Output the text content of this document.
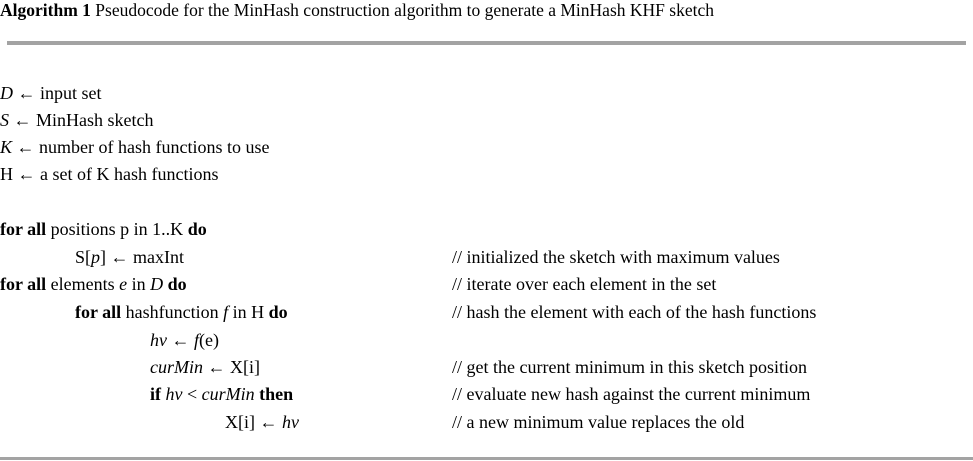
Algorithm 1 Pseudocode for the MinHash construction algorithm to generate a MinHash KHF sketch
D ← input set
S ← MinHash sketch
K ← number of hash functions to use
H ← a set of K hash functions
for all positions p in 1..K do
S[p] ← maxInt	// initialized the sketch with maximum values
for all elements e in D do	// iterate over each element in the set
for all hashfunction f in H do	// hash the element with each of the hash functions
hv ← f(e)
curMin ← X[i]	// get the current minimum in this sketch position
if hv < curMin then	// evaluate new hash against the current minimum
X[i] ← hv	// a new minimum value replaces the old
